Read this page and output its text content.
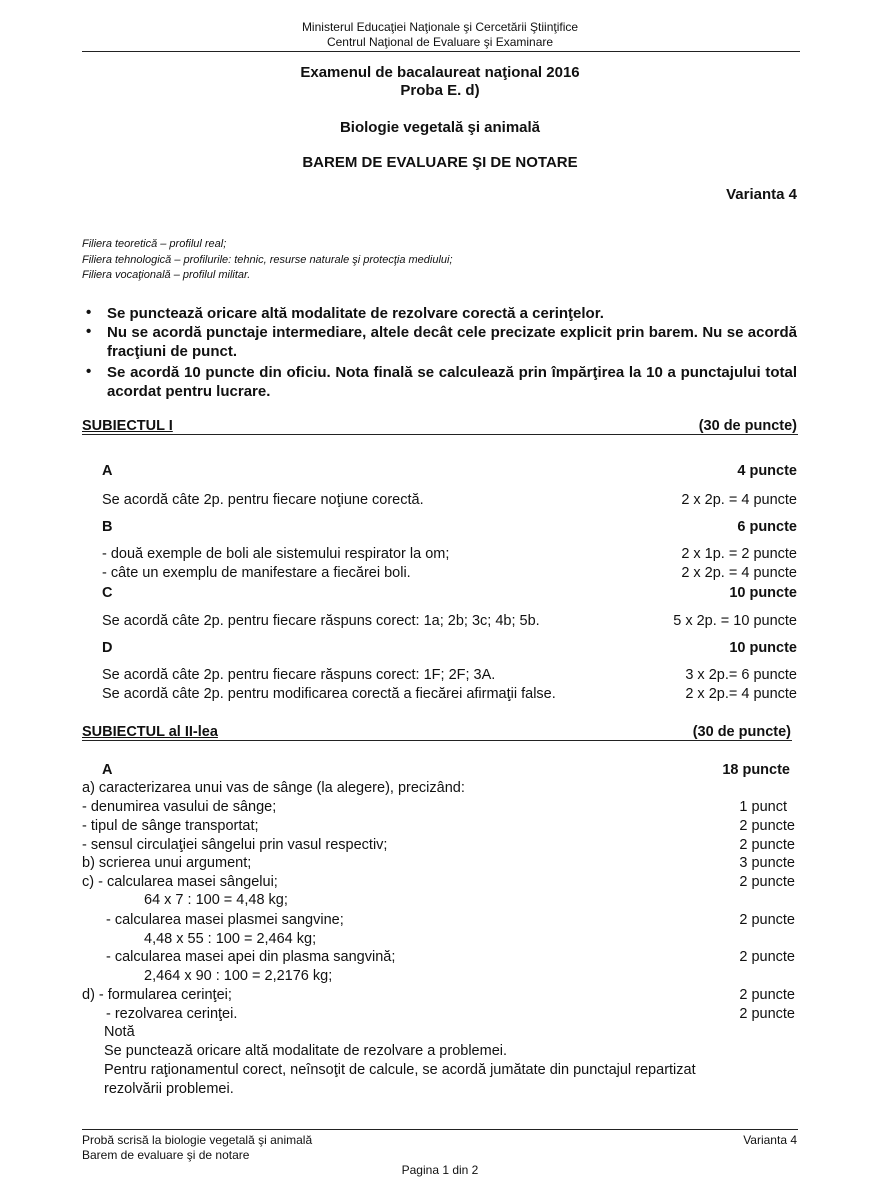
Ministerul Educaţiei Naţionale şi Cercetării Ştiinţifice
Centrul Naţional de Evaluare şi Examinare
Examenul de bacalaureat naţional 2016
Proba E. d)
Biologie vegetală şi animală
BAREM DE EVALUARE ŞI DE NOTARE
Varianta 4
Filiera teoretică – profilul real;
Filiera tehnologică – profilurile: tehnic, resurse naturale şi protecţia mediului;
Filiera vocaţională – profilul militar.
• Se punctează oricare altă modalitate de rezolvare corectă a cerinţelor.
• Nu se acordă punctaje intermediare, altele decât cele precizate explicit prin barem. Nu se acordă fracţiuni de punct.
• Se acordă 10 puncte din oficiu. Nota finală se calculează prin împărţirea la 10 a punctajului total acordat pentru lucrare.
SUBIECTUL I	(30 de puncte)
A	4 puncte
Se acordă câte 2p. pentru fiecare noţiune corectă.	2 x 2p. = 4 puncte
B	6 puncte
- două exemple de boli ale sistemului respirator la om;	2 x 1p. = 2 puncte
- câte un exemplu de manifestare a fiecărei boli.	2 x 2p. = 4 puncte
C	10 puncte
Se acordă câte 2p. pentru fiecare răspuns corect: 1a; 2b; 3c; 4b; 5b.	5 x 2p. = 10 puncte
D	10 puncte
Se acordă câte 2p. pentru fiecare răspuns corect: 1F; 2F; 3A.	3 x 2p.= 6 puncte
Se acordă câte 2p. pentru modificarea corectă a fiecărei afirmaţii false.	2 x 2p.= 4 puncte
SUBIECTUL al II-lea	(30 de puncte)
A	18 puncte
a) caracterizarea unui vas de sânge (la alegere), precizând:
- denumirea vasului de sânge;	1 punct
- tipul de sânge transportat;	2 puncte
- sensul circulaţiei sângelui prin vasul respectiv;	2 puncte
b) scrierea unui argument;	3 puncte
c) - calcularea masei sângelui;	2 puncte
64 x 7 : 100 = 4,48 kg;
- calcularea masei plasmei sangvine;	2 puncte
4,48 x 55 : 100 = 2,464 kg;
- calcularea masei apei din plasma sangvină;	2 puncte
2,464 x 90 : 100 = 2,2176 kg;
d) - formularea cerinţei;	2 puncte
- rezolvarea cerinţei.	2 puncte
Notă
Se punctează oricare altă modalitate de rezolvare a problemei.
Pentru raţionamentul corect, neînsoţit de calcule, se acordă jumătate din punctajul repartizat
rezolvării problemei.
Probă scrisă la biologie vegetală şi animală
Barem de evaluare şi de notare
Varianta 4
Pagina 1 din 2
